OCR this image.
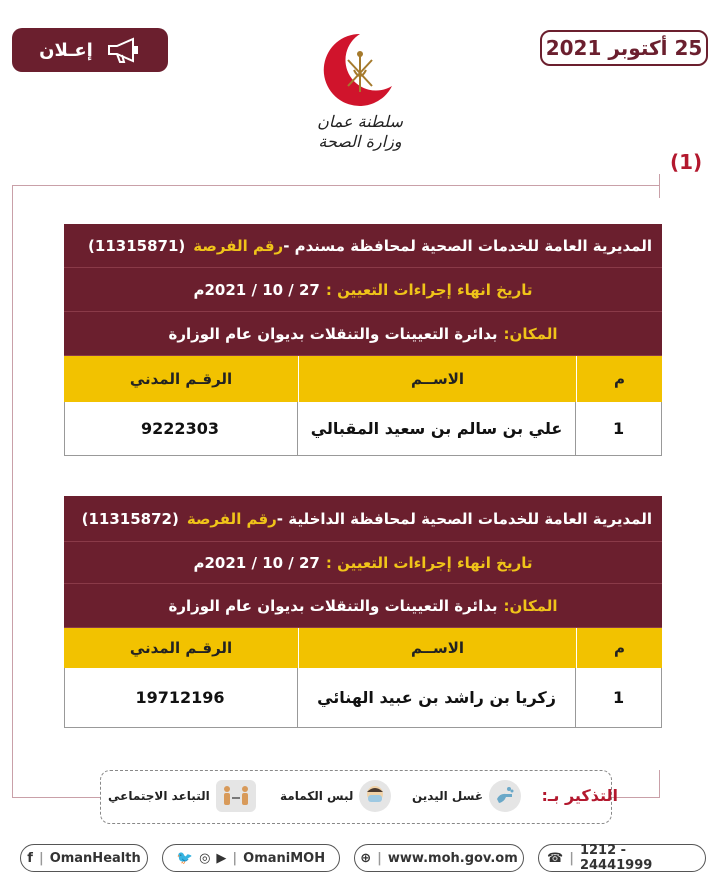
25 أكتوبر 2021
إعـلان
سلطنة عمان
وزارة الصحة
(1)
المديرية العامة للخدمات الصحية لمحافظة مسندم -
رقم الفرصة
(11315871)
تاريخ انهاء إجراءات التعيين :
27 / 10 / 2021م
المكان:
بدائرة التعيينات والتنقلات بديوان عام الوزارة
م
الاســم
الرقـم المدني
1
علي بن سالم بن سعيد المقبالي
9222303
المديرية العامة للخدمات الصحية لمحافظة الداخلية -
رقم الفرصة
(11315872)
تاريخ انهاء إجراءات التعيين :
27 / 10 / 2021م
المكان:
بدائرة التعيينات والتنقلات بديوان عام الوزارة
م
الاســم
الرقـم المدني
1
زكريا بن راشد بن عبيد الهنائي
19712196
التذكير بـ:
غسل اليدين
لبس الكمامة
التباعد الاجتماعي
f | OmanHealth	🐦 ◎ ▶ | OmaniMOH	⊕ | www.moh.gov.om ☎ | 1212 - 24441999
